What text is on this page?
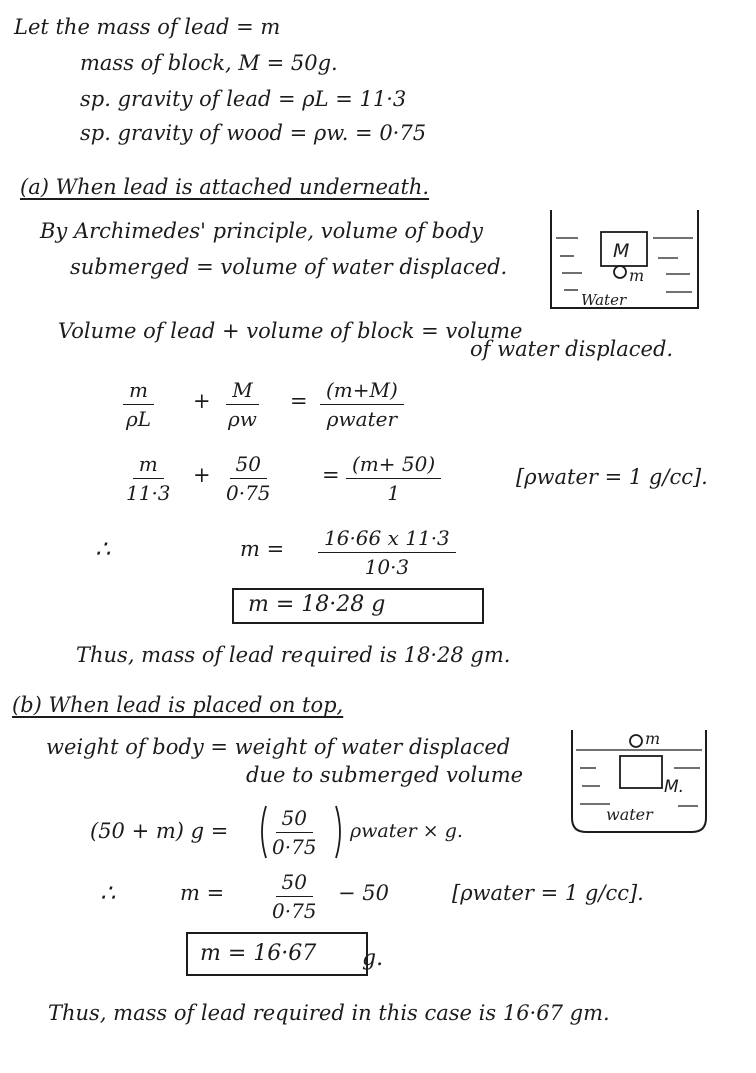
Let the mass of lead = m
mass of block, M = 50g.
sp. gravity of lead = ρL = 11·3
sp. gravity of wood = ρw. = 0·75
(a) When lead is attached underneath.
By Archimedes' principle, volume of body
submerged = volume of water displaced.
M
m
Water
Volume of lead + volume of block = volume
of water displaced.
$\frac{m}{\rho L} + \frac{M}{\rho w} = (m+M)$
ρwater
$\frac{m}{11\cdot 3} + \frac{50}{0\cdot 75} = \frac{(m+ 50)}{1}$	[ρwater = 1 g/cc].
∴	$m = \frac{16\cdot 66 x 11\cdot 3}{10\cdot 3}$
m = 18·28 g
Thus, mass of lead required is 18·28 gm.
(b) When lead is placed on top,
weight of body = weight of water displaced
due to submerged volume
m
M.
water
(50 + m) $g = \frac{50}{0\cdot 75}$ ρwater × g.
∴	$m = \frac{50}{0\cdot 75} - 50$	[ρwater = 1 g/cc].
m = 16·67	g.
Thus, mass of lead required in this case is 16·67 gm.
